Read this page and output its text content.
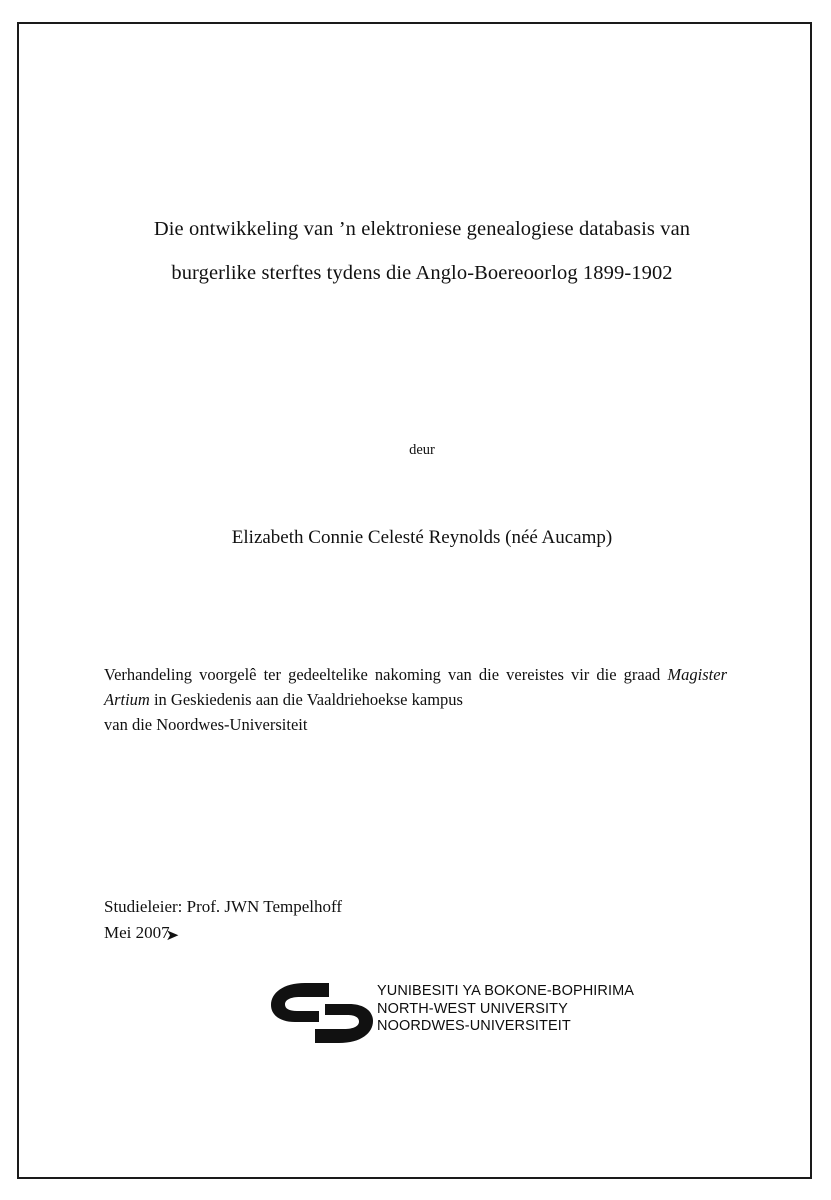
Die ontwikkeling van ’n elektroniese genealogiese databasis van
burgerlike sterftes tydens die Anglo-Boereoorlog 1899-1902
deur
Elizabeth Connie Celesté Reynolds (néé Aucamp)
Verhandeling voorgelê ter gedeeltelike nakoming van die vereistes vir die graad Magister Artium in Geskiedenis aan die Vaaldriehoekse kampus
van die Noordwes-Universiteit
Studieleier: Prof. JWN Tempelhoff
Mei 2007
➤
YUNIBESITI YA BOKONE-BOPHIRIMA
NORTH-WEST UNIVERSITY
NOORDWES-UNIVERSITEIT
